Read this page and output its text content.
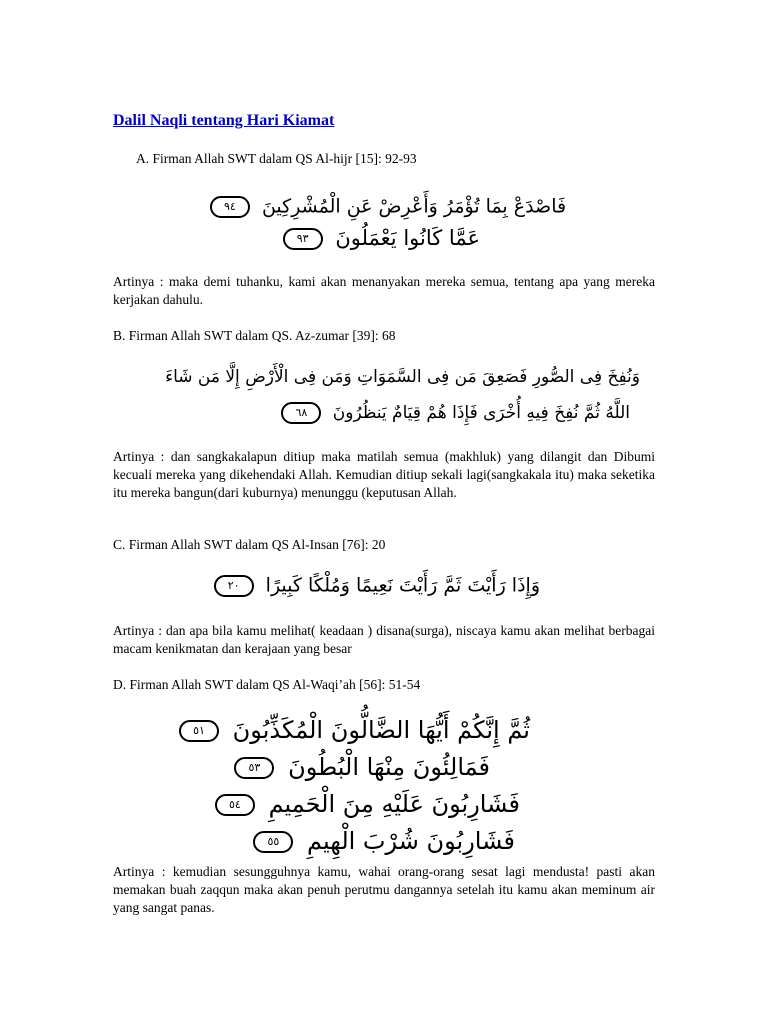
Dalil Naqli tentang Hari Kiamat
A. Firman Allah SWT dalam QS Al-hijr [15]: 92-93
فَاصْدَعْ بِمَا تُؤْمَرُ وَأَعْرِضْ عَنِ الْمُشْرِكِينَ ٩٤
عَمَّا كَانُوا يَعْمَلُونَ ٩٣
Artinya : maka demi tuhanku, kami akan menanyakan mereka semua, tentang apa yang mereka kerjakan dahulu.
B. Firman Allah SWT dalam QS. Az-zumar [39]: 68
وَنُفِخَ فِى الصُّورِ فَصَعِقَ مَن فِى السَّمَوَاتِ وَمَن فِى الْأَرْضِ إِلَّا مَن شَاءَ
اللَّهُ ثُمَّ نُفِخَ فِيهِ أُخْرَى فَإِذَا هُمْ قِيَامٌ يَنظُرُونَ ٦٨
Artinya : dan sangkakalapun ditiup maka matilah semua (makhluk) yang dilangit dan Dibumi kecuali mereka yang dikehendaki Allah. Kemudian ditiup sekali lagi(sangkakala itu) maka seketika itu mereka bangun(dari kuburnya) menunggu (keputusan Allah.
C. Firman Allah SWT dalam QS Al-Insan [76]: 20
وَإِذَا رَأَيْتَ ثَمَّ رَأَيْتَ نَعِيمًا وَمُلْكًا كَبِيرًا ٢٠
Artinya : dan apa bila kamu melihat( keadaan ) disana(surga), niscaya kamu akan melihat berbagai macam kenikmatan dan kerajaan yang besar
D. Firman Allah SWT dalam QS Al-Waqi’ah [56]: 51-54
ثُمَّ إِنَّكُمْ أَيُّهَا الضَّالُّونَ الْمُكَذِّبُونَ ٥١
فَمَالِئُونَ مِنْهَا الْبُطُونَ ٥٣
فَشَارِبُونَ عَلَيْهِ مِنَ الْحَمِيمِ ٥٤
فَشَارِبُونَ شُرْبَ الْهِيمِ ٥٥
Artinya : kemudian sesungguhnya kamu, wahai orang-orang sesat lagi mendusta! pasti akan memakan buah zaqqun maka akan penuh perutmu dangannya setelah itu kamu akan meminum air yang sangat panas.
